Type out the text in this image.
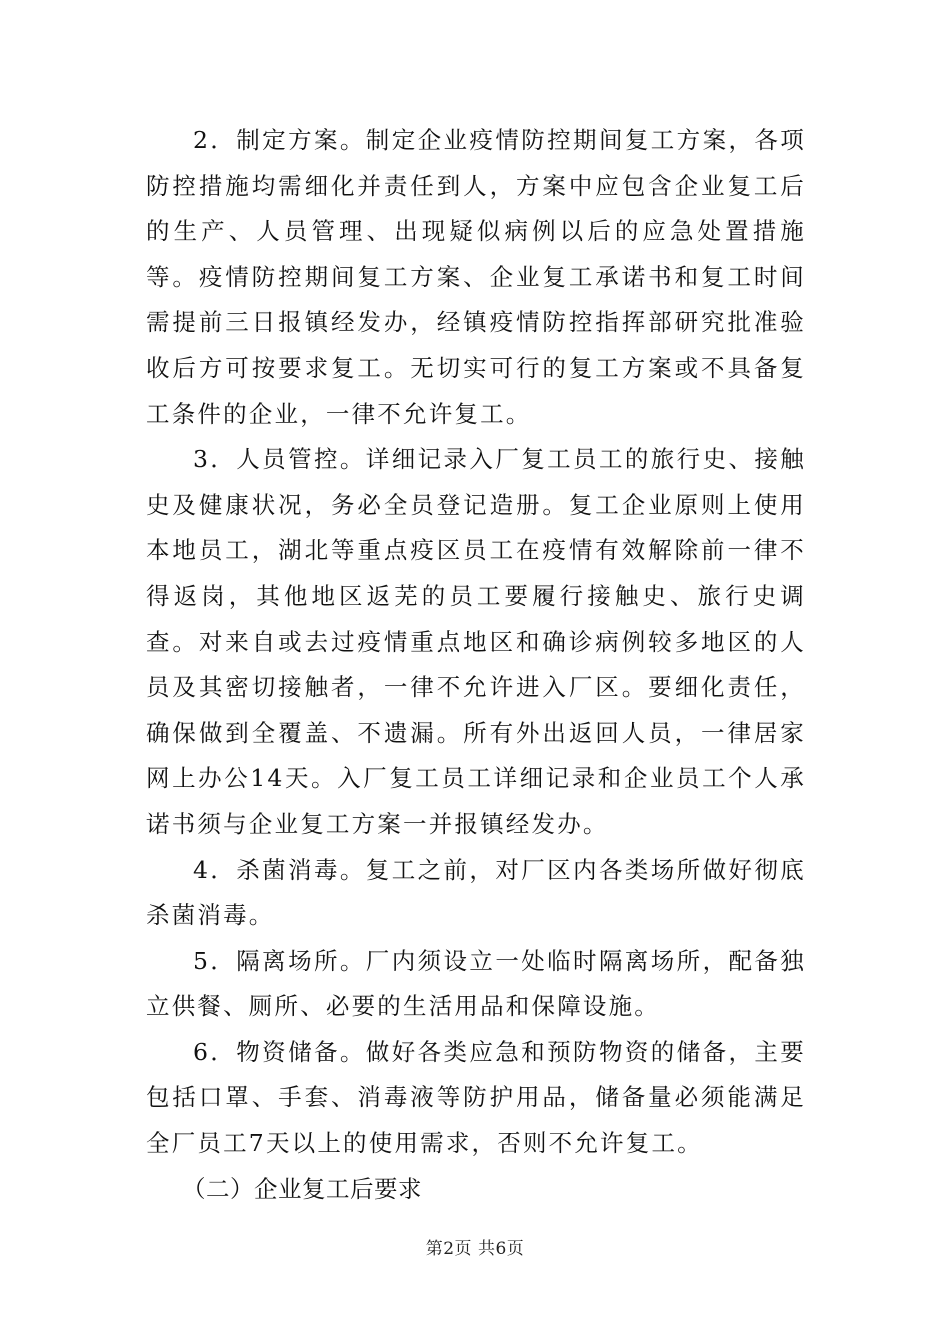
2．制定方案。制定企业疫情防控期间复工方案，各项防控措施均需细化并责任到人，方案中应包含企业复工后的生产、人员管理、出现疑似病例以后的应急处置措施等。疫情防控期间复工方案、企业复工承诺书和复工时间需提前三日报镇经发办，经镇疫情防控指挥部研究批准验收后方可按要求复工。无切实可行的复工方案或不具备复工条件的企业，一律不允许复工。

3．人员管控。详细记录入厂复工员工的旅行史、接触史及健康状况，务必全员登记造册。复工企业原则上使用本地员工，湖北等重点疫区员工在疫情有效解除前一律不得返岗，其他地区返芜的员工要履行接触史、旅行史调查。对来自或去过疫情重点地区和确诊病例较多地区的人员及其密切接触者，一律不允许进入厂区。要细化责任，确保做到全覆盖、不遗漏。所有外出返回人员，一律居家网上办公14天。入厂复工员工详细记录和企业员工个人承诺书须与企业复工方案一并报镇经发办。

4．杀菌消毒。复工之前，对厂区内各类场所做好彻底杀菌消毒。

5．隔离场所。厂内须设立一处临时隔离场所，配备独立供餐、厕所、必要的生活用品和保障设施。

6．物资储备。做好各类应急和预防物资的储备，主要包括口罩、手套、消毒液等防护用品，储备量必须能满足全厂员工7天以上的使用需求，否则不允许复工。

（二）企业复工后要求

第2页 共6页
